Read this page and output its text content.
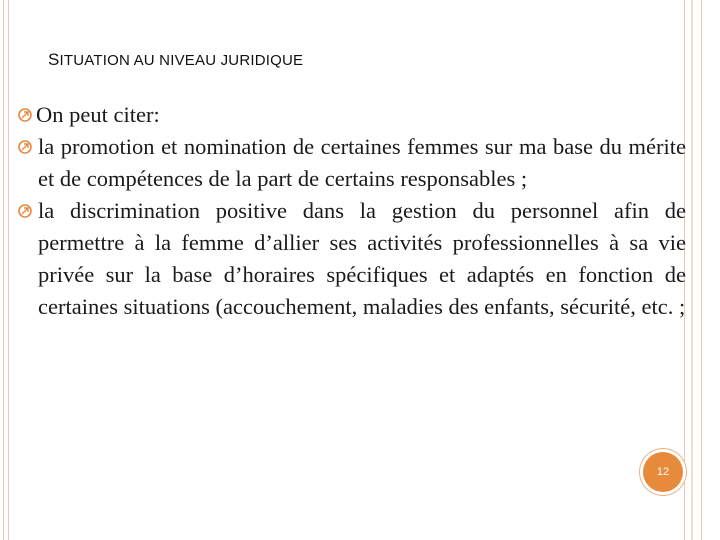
SITUATION AU NIVEAU JURIDIQUE
On peut citer:
la promotion et nomination de certaines femmes sur ma base du mérite et de compétences de la part de certains responsables ;
la discrimination positive dans la gestion du personnel afin de permettre à la femme d’allier ses activités professionnelles à sa vie privée sur la base d’horaires spécifiques et adaptés en fonction de certaines situations (accouchement, maladies des enfants, sécurité, etc. ;
12
